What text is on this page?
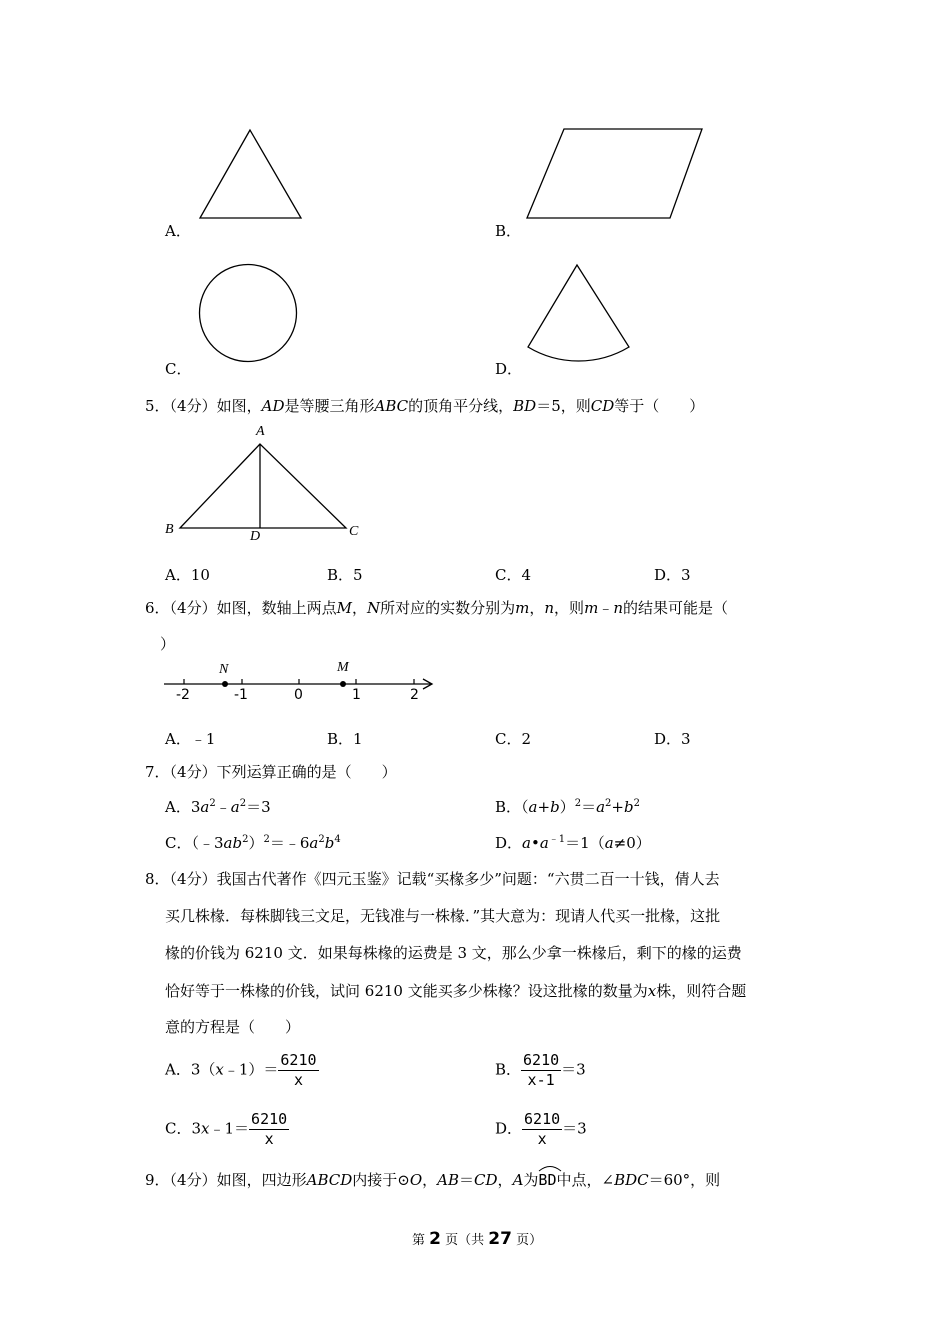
A．	B．
C．	D．
5．（4分）如图，AD是等腰三角形ABC的顶角平分线，BD＝5，则CD等于（　　）
A
B	C
D
A．10	B．5	C．4	D．3
6．（4分）如图，数轴上两点M，N所对应的实数分别为m，n，则m﹣n的结果可能是（
）
N	M
-2	-1	0	1	2
A．﹣1	B．1	C．2	D．3
7．（4分）下列运算正确的是（　　）
A．$3a^2﹣a^2=3$	B．$(a+b)^2=a^2+b^2$
C．$(﹣3ab^2)^2=﹣6a^2b^4$	D．$a•a^{﹣1}=1(a\ne 0)$
8．（4分）我国古代著作《四元玉鉴》记载“买椽多少”问题：“六贯二百一十钱，倩人去
买几株椽．每株脚钱三文足，无钱准与一株椽．”其大意为：现请人代买一批椽，这批
椽的价钱为 6210 文．如果每株椽的运费是 3 文，那么少拿一株椽后，剩下的椽的运费
恰好等于一株椽的价钱，试问 6210 文能买多少株椽？设这批椽的数量为x株，则符合题
意的方程是（　　）
A．3（x﹣1）＝ $\frac{6210}{x}$	B． $\frac{6210}{x-1} =3$
C．3x﹣1＝ $\frac{6210}{x}$	D． $\frac{6210}{x} =3$
9．（4分）如图，四边形ABCD内接于⊙O，AB＝CD，A为
BD中点，∠BDC＝60°，则
第 2 页（共 27 页）
